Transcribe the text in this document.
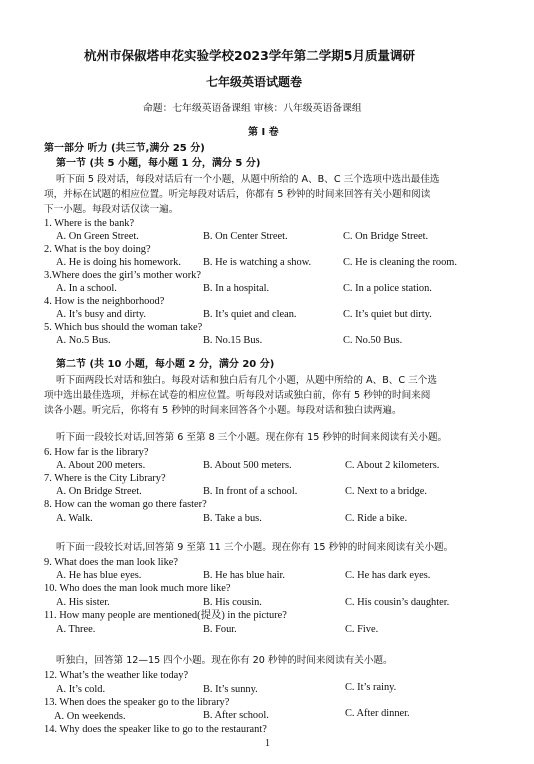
杭州市保俶塔申花实验学校2023学年第二学期5月质量调研
七年级英语试题卷
命题：七年级英语备课组 审核：八年级英语备课组
第 I 卷
第一部分 听力 (共三节,满分 25 分)
第一节 (共 5 小题，每小题 1 分，满分 5 分)
听下面 5 段对话，每段对话后有一个小题，从题中所给的 A、B、C 三个选项中选出最佳选
项，并标在试题的相应位置。听完每段对话后，你都有 5 秒钟的时间来回答有关小题和阅读
下一小题。每段对话仅读一遍。
1. Where is the bank?
A. On Green Street.	B. On Center Street.	C. On Bridge Street.
2. What is the boy doing?
A. He is doing his homework. B. He is watching a show.	C. He is cleaning the room.
3.Where does the girl’s mother work?
A. In a school.	B. In a hospital.	C. In a police station.
4. How is the neighborhood?
A. It’s busy and dirty.	B. It’s quiet and clean.	C. It’s quiet but dirty.
5. Which bus should the woman take?
A. No.5 Bus.	B. No.15 Bus.	C. No.50 Bus.
第二节 (共 10 小题，每小题 2 分，满分 20 分)
听下面两段长对话和独白。每段对话和独白后有几个小题，从题中所给的 A、B、C 三个选
项中选出最佳选项，并标在试卷的相应位置。听每段对话或独白前，你有 5 秒钟的时间来阅
读各小题。听完后，你将有 5 秒钟的时间来回答各个小题。每段对话和独白读两遍。
听下面一段较长对话,回答第 6 至第 8 三个小题。现在你有 15 秒钟的时间来阅读有关小题。
6. How far is the library?
A. About 200 meters.	B. About 500 meters.	C. About 2 kilometers.
7. Where is the City Library?
A. On Bridge Street.	B. In front of a school.	C. Next to a bridge.
8. How can the woman go there faster?
A. Walk.	B. Take a bus.	C. Ride a bike.
听下面一段较长对话,回答第 9 至第 11 三个小题。现在你有 15 秒钟的时间来阅读有关小题。
9. What does the man look like?
A. He has blue eyes.	B. He has blue hair.	C. He has dark eyes.
10. Who does the man look much more like?
A. His sister.	B. His cousin.	C. His cousin’s daughter.
11. How many people are mentioned(提及) in the picture?
A. Three.	B. Four.	C. Five.
听独白，回答第 12—15 四个小题。现在你有 20 秒钟的时间来阅读有关小题。
12. What’s the weather like today?
A. It’s cold.	B. It’s sunny.	C. It’s rainy.
13. When does the speaker go to the library?
A. On weekends.	B. After school.	C. After dinner.
14. Why does the speaker like to go to the restaurant?
1
